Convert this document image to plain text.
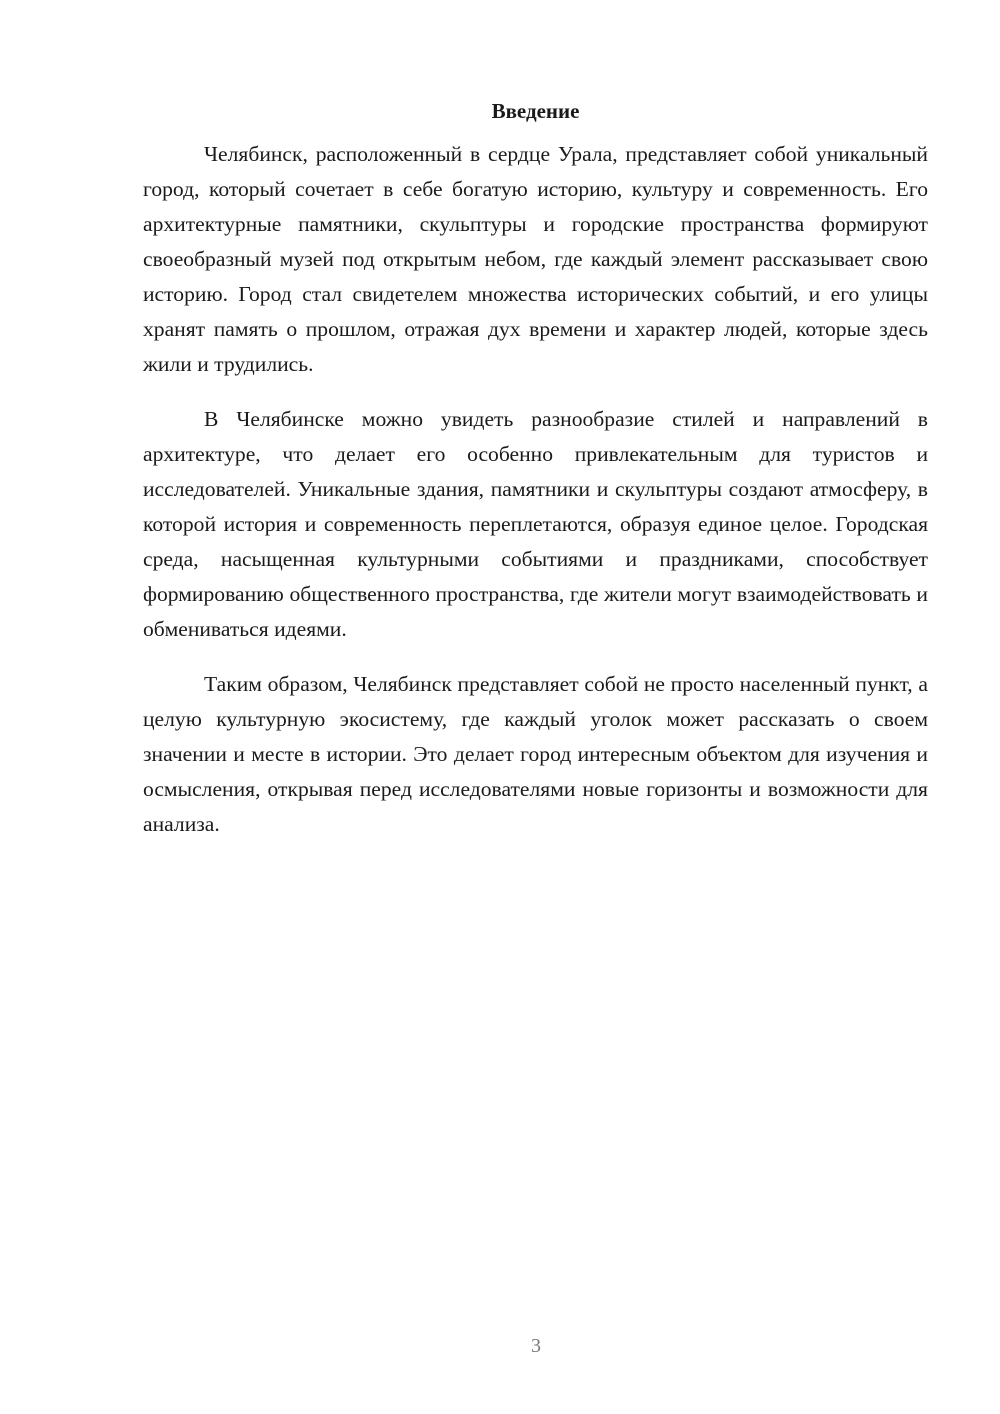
Введение

Челябинск, расположенный в сердце Урала, представляет собой уникальный город, который сочетает в себе богатую историю, культуру и современность. Его архитектурные памятники, скульптуры и городские пространства формируют своеобразный музей под открытым небом, где каждый элемент рассказывает свою историю. Город стал свидетелем множества исторических событий, и его улицы хранят память о прошлом, отражая дух времени и характер людей, которые здесь жили и трудились.

В Челябинске можно увидеть разнообразие стилей и направлений в архитектуре, что делает его особенно привлекательным для туристов и исследователей. Уникальные здания, памятники и скульптуры создают атмосферу, в которой история и современность переплетаются, образуя единое целое. Городская среда, насыщенная культурными событиями и праздниками, способствует формированию общественного пространства, где жители могут взаимодействовать и обмениваться идеями.

Таким образом, Челябинск представляет собой не просто населенный пункт, а целую культурную экосистему, где каждый уголок может рассказать о своем значении и месте в истории. Это делает город интересным объектом для изучения и осмысления, открывая перед исследователями новые горизонты и возможности для анализа.

3
